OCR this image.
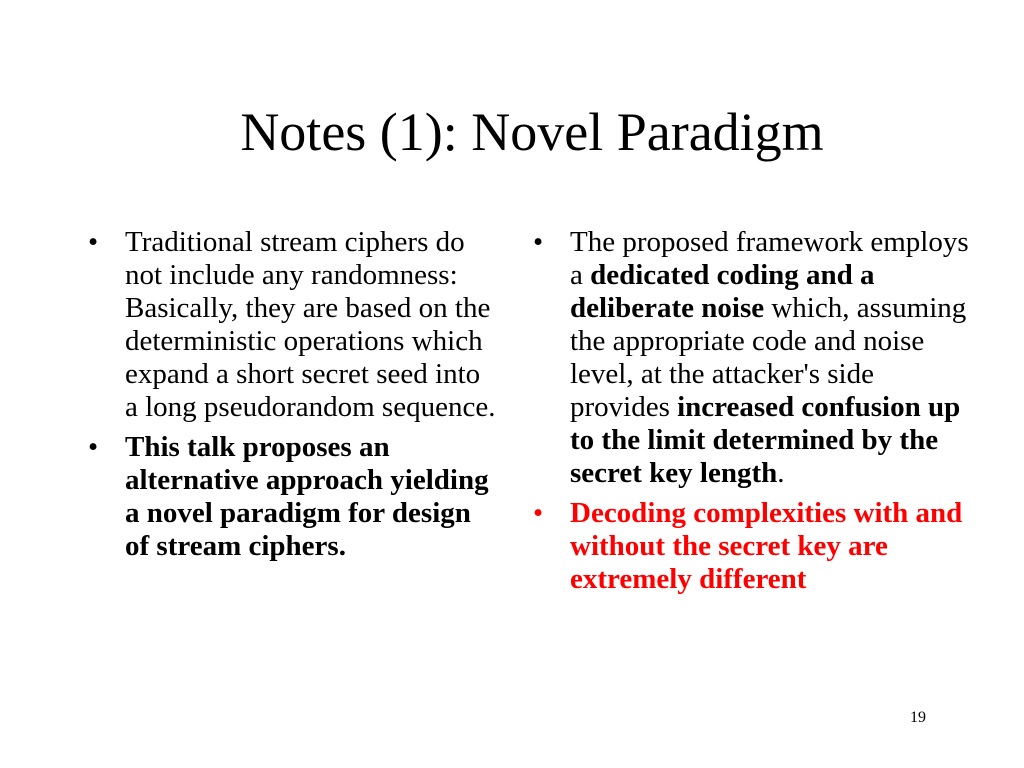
Notes (1): Novel Paradigm
• Traditional stream ciphers do not include any randomness: Basically, they are based on the deterministic operations which expand a short secret seed into a long pseudorandom sequence.
• This talk proposes an alternative approach yielding a novel paradigm for design of stream ciphers.
• The proposed framework employs a dedicated coding and a deliberate noise which, assuming the appropriate code and noise level, at the attacker's side provides increased confusion up to the limit determined by the secret key length.
• Decoding complexities with and without the secret key are extremely different
19
